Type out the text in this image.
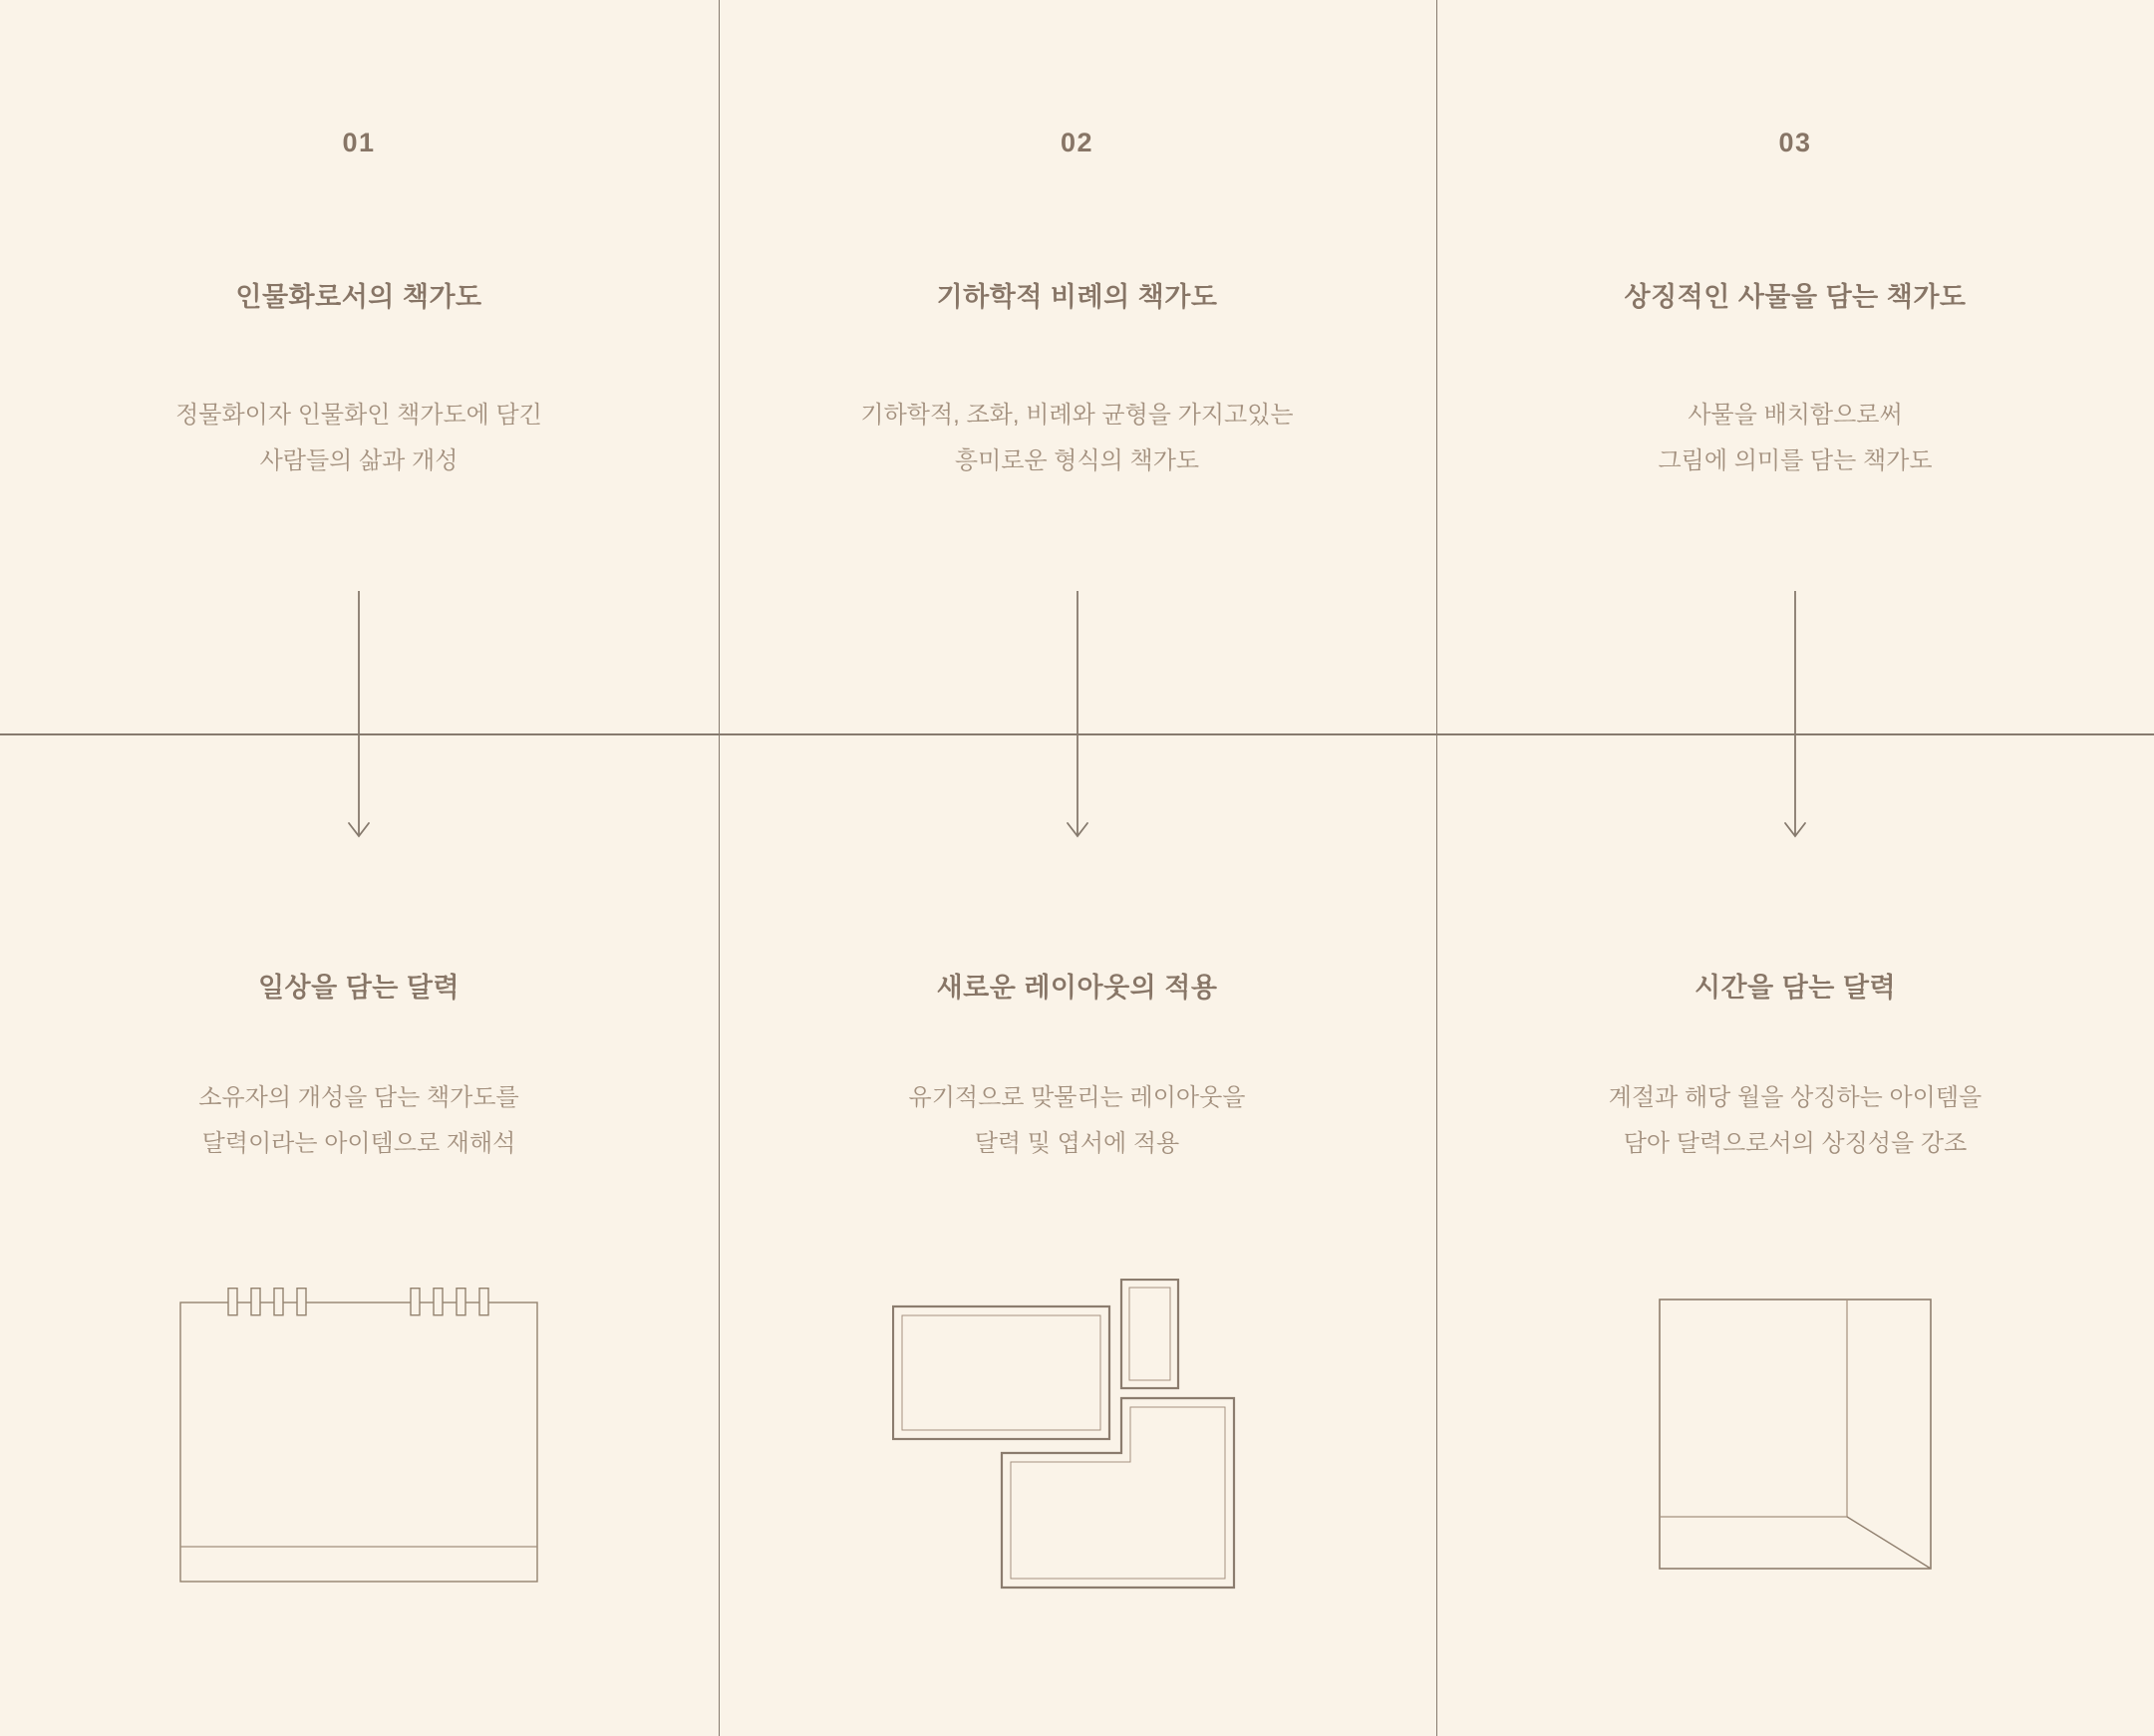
01
인물화로서의 책가도
정물화이자 인물화인 책가도에 담긴
사람들의 삶과 개성
일상을 담는 달력
소유자의 개성을 담는 책가도를
달력이라는 아이템으로 재해석
02
기하학적 비례의 책가도
기하학적, 조화, 비례와 균형을 가지고있는
흥미로운 형식의 책가도
새로운 레이아웃의 적용
유기적으로 맞물리는 레이아웃을
달력 및 엽서에 적용
03
상징적인 사물을 담는 책가도
사물을 배치함으로써
그림에 의미를 담는 책가도
시간을 담는 달력
계절과 해당 월을 상징하는 아이템을
담아 달력으로서의 상징성을 강조
